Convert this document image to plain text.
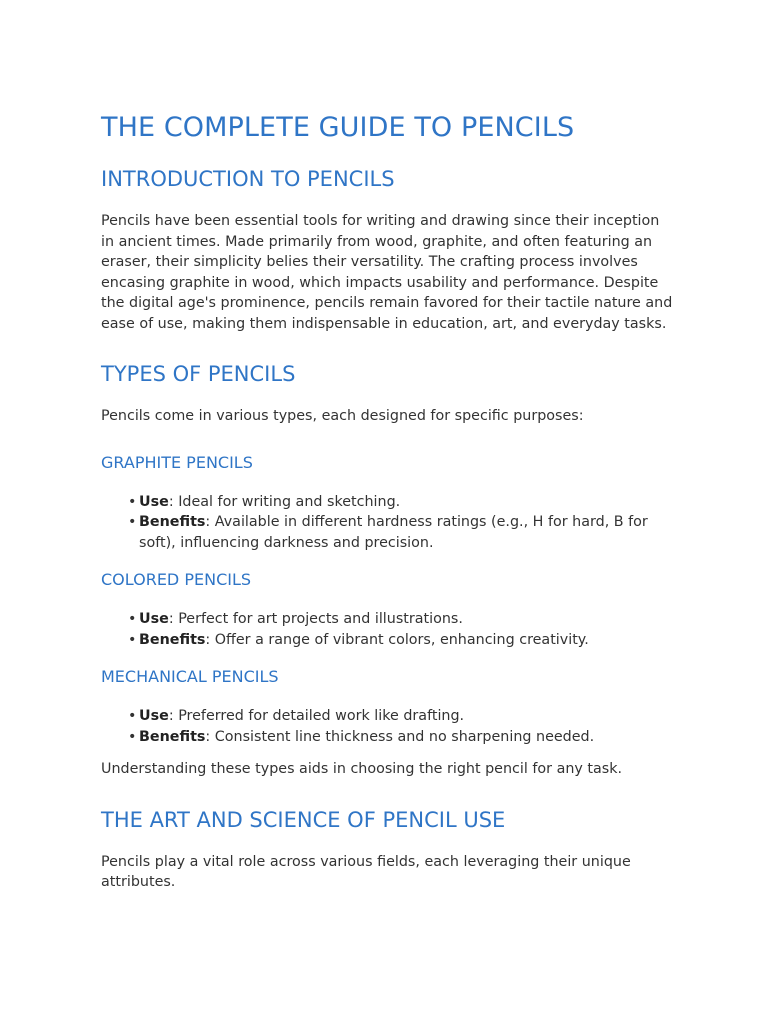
THE COMPLETE GUIDE TO PENCILS
INTRODUCTION TO PENCILS

Pencils have been essential tools for writing and drawing since their inception in ancient times. Made primarily from wood, graphite, and often featuring an eraser, their simplicity belies their versatility. The crafting process involves encasing graphite in wood, which impacts usability and performance. Despite the digital age's prominence, pencils remain favored for their tactile nature and ease of use, making them indispensable in education, art, and everyday tasks.

TYPES OF PENCILS

Pencils come in various types, each designed for specific purposes:

GRAPHITE PENCILS
• Use: Ideal for writing and sketching.
• Benefits: Available in different hardness ratings (e.g., H for hard, B for soft), influencing darkness and precision.
COLORED PENCILS
• Use: Perfect for art projects and illustrations.
• Benefits: Offer a range of vibrant colors, enhancing creativity.
MECHANICAL PENCILS
• Use: Preferred for detailed work like drafting.
• Benefits: Consistent line thickness and no sharpening needed.

Understanding these types aids in choosing the right pencil for any task.

THE ART AND SCIENCE OF PENCIL USE

Pencils play a vital role across various fields, each leveraging their unique attributes.
